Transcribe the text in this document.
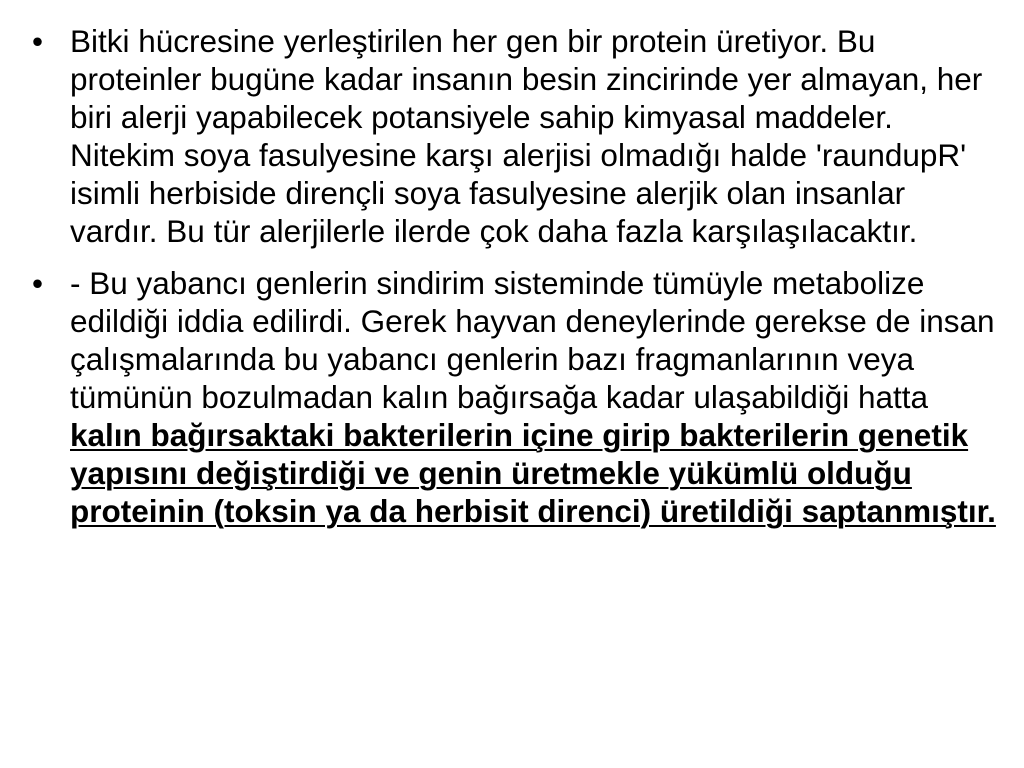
• Bitki hücresine yerleştirilen her gen bir protein üretiyor. Bu proteinler bugüne kadar insanın besin zincirinde yer almayan, her biri alerji yapabilecek potansiyele sahip kimyasal maddeler. Nitekim soya fasulyesine karşı alerjisi olmadığı halde 'raundupR' isimli herbiside dirençli soya fasulyesine alerjik olan insanlar vardır. Bu tür alerjilerle ilerde çok daha fazla karşılaşılacaktır.
• - Bu yabancı genlerin sindirim sisteminde tümüyle metabolize edildiği iddia edilirdi. Gerek hayvan deneylerinde gerekse de insan çalışmalarında bu yabancı genlerin bazı fragmanlarının veya tümünün bozulmadan kalın bağırsağa kadar ulaşabildiği hatta kalın bağırsaktaki bakterilerin içine girip bakterilerin genetik yapısını değiştirdiği ve genin üretmekle yükümlü olduğu proteinin (toksin ya da herbisit direnci) üretildiği saptanmıştır.
